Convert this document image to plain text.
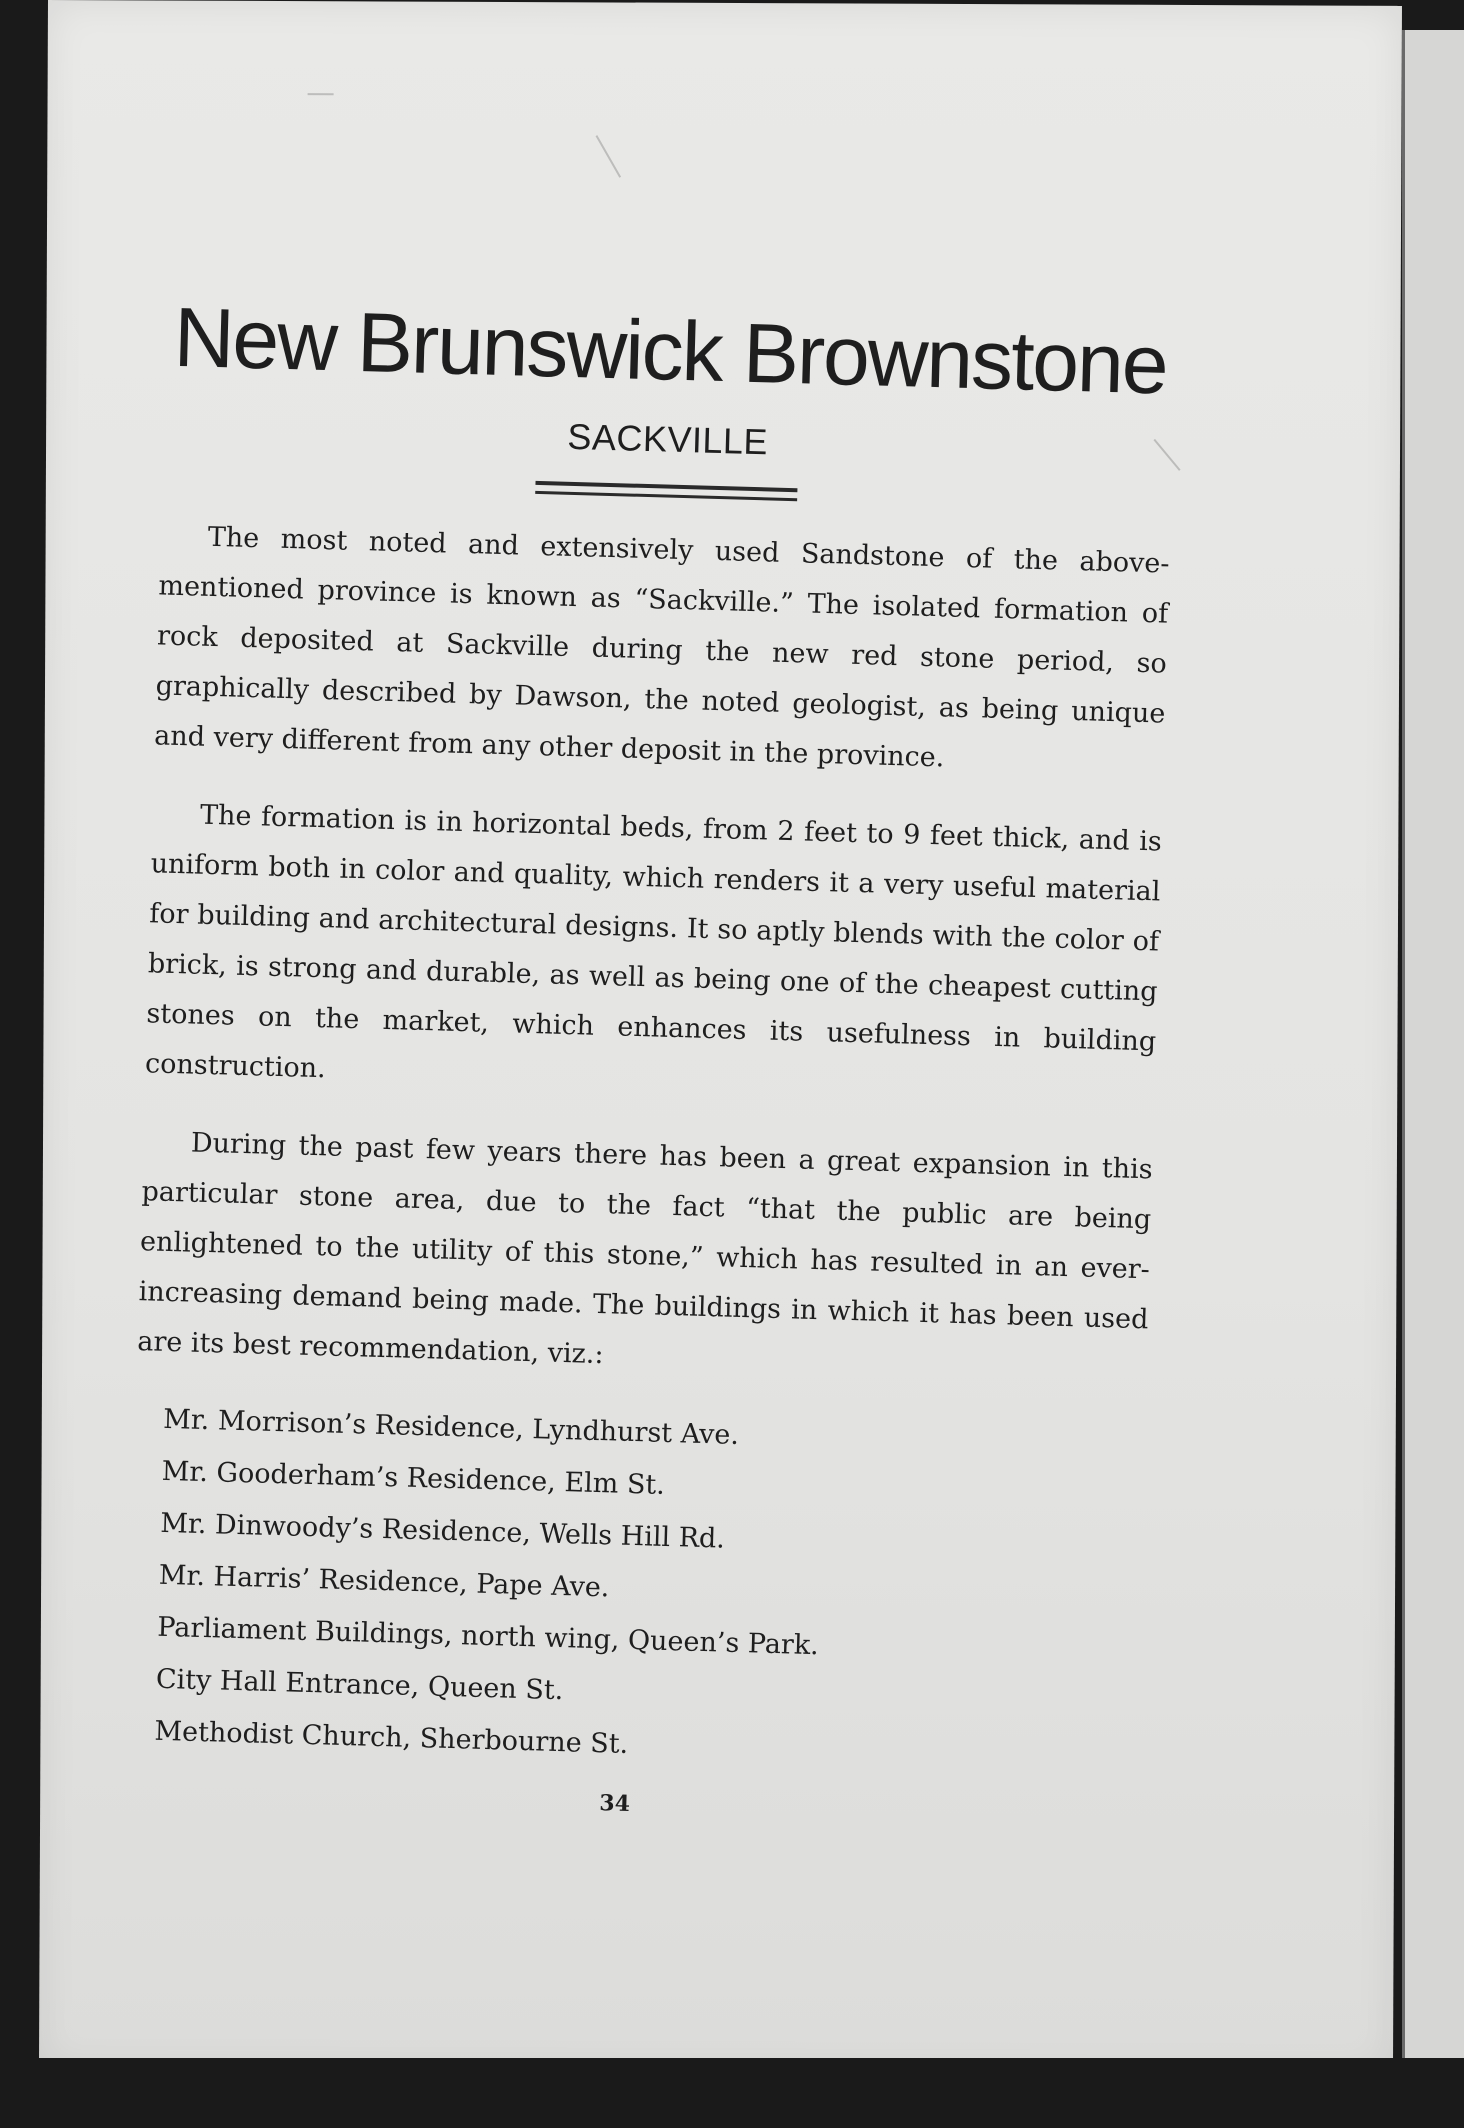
New Brunswick Brownstone
SACKVILLE

The most noted and extensively used Sandstone of the above-mentioned province is known as “Sackville.” The isolated formation of rock deposited at Sackville during the new red stone period, so graphically described by Dawson, the noted geologist, as being unique and very different from any other deposit in the province.

The formation is in horizontal beds, from 2 feet to 9 feet thick, and is uniform both in color and quality, which renders it a very useful material for building and architectural designs. It so aptly blends with the color of brick, is strong and durable, as well as being one of the cheapest cutting stones on the market, which enhances its usefulness in building construction.

During the past few years there has been a great expansion in this particular stone area, due to the fact “that the public are being enlightened to the utility of this stone,” which has resulted in an ever-increasing demand being made. The buildings in which it has been used are its best recommendation, viz.:

Mr. Morrison’s Residence, Lyndhurst Ave.
Mr. Gooderham’s Residence, Elm St.
Mr. Dinwoody’s Residence, Wells Hill Rd.
Mr. Harris’ Residence, Pape Ave.
Parliament Buildings, north wing, Queen’s Park.
City Hall Entrance, Queen St.
Methodist Church, Sherbourne St.
34
